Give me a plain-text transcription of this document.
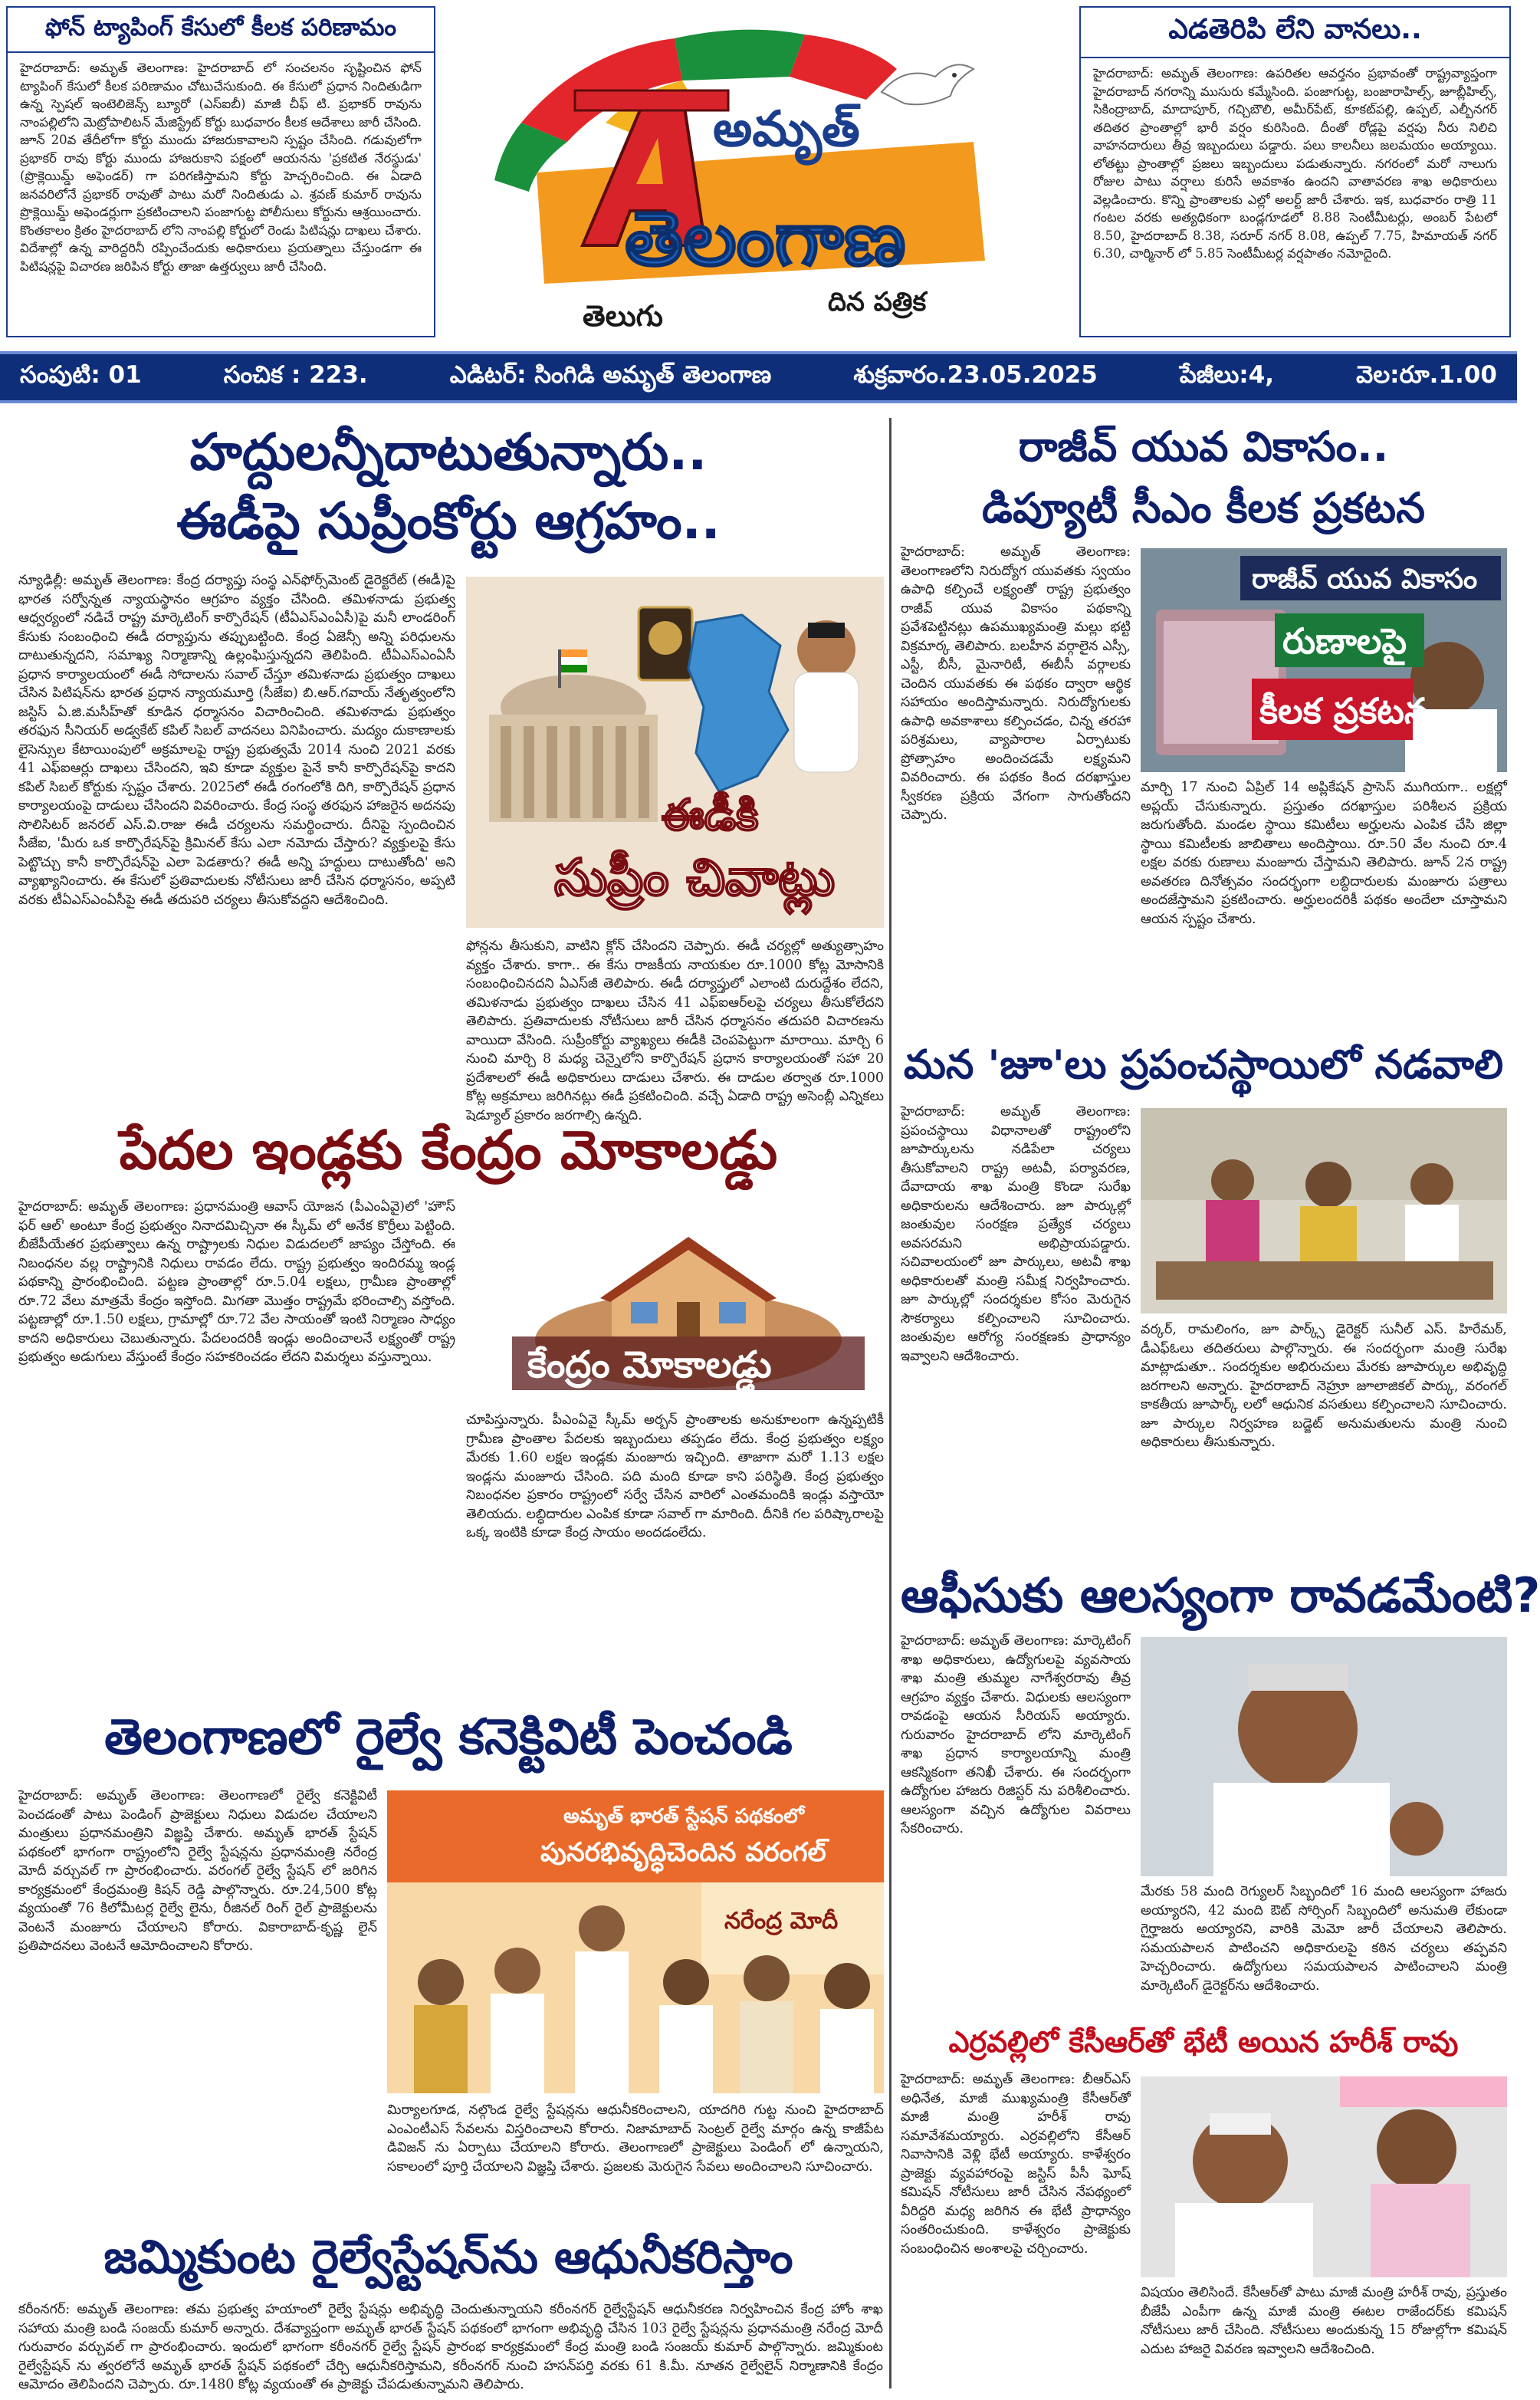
ఫోన్ ట్యాపింగ్ కేసులో కీలక పరిణామం
హైదరాబాద్: అమృత్ తెలంగాణ: హైదరాబాద్ లో సంచలనం సృష్టించిన ఫోన్ ట్యాపింగ్ కేసులో కీలక పరిణామం చోటుచేసుకుంది. ఈ కేసులో ప్రధాన నిందితుడిగా ఉన్న స్పెషల్ ఇంటెలిజెన్స్ బ్యూరో (ఎస్ఐబీ) మాజీ చీఫ్ టి. ప్రభాకర్ రావును నాంపల్లిలోని మెట్రోపాలిటన్ మేజిస్ట్రేట్ కోర్టు బుధవారం కీలక ఆదేశాలు జారీ చేసింది. జూన్ 20వ తేదీలోగా కోర్టు ముందు హాజరుకావాలని స్పష్టం చేసింది. గడువులోగా ప్రభాకర్ రావు కోర్టు ముందు హాజరుకాని పక్షంలో ఆయనను 'ప్రకటిత నేరస్థుడు' (ప్రొక్లెయిమ్డ్ అఫెండర్) గా పరిగణిస్తామని కోర్టు హెచ్చరించింది. ఈ ఏడాది జనవరిలోనే ప్రభాకర్ రావుతో పాటు మరో నిందితుడు ఎ. శ్రవణ్ కుమార్ రావును ప్రొక్లెయిమ్డ్ అఫెండర్లుగా ప్రకటించాలని పంజాగుట్ట పోలీసులు కోర్టును ఆశ్రయించారు. కొంతకాలం క్రితం హైదరాబాద్ లోని నాంపల్లి కోర్టులో రెండు పిటిషన్లు దాఖలు చేశారు. విదేశాల్లో ఉన్న వారిద్దరినీ రప్పించేందుకు అధికారులు ప్రయత్నాలు చేస్తుండగా ఈ పిటిషన్లపై విచారణ జరిపిన కోర్టు తాజా ఉత్తర్వులు జారీ చేసింది.
అమృత్
తెలంగాణ
తెలుగు	దిన పత్రిక
ఎడతెరిపి లేని వానలు..
హైదరాబాద్: అమృత్ తెలంగాణ: ఉపరితల ఆవర్తనం ప్రభావంతో రాష్ట్రవ్యాప్తంగా హైదరాబాద్ నగరాన్ని ముసురు కమ్మేసింది. పంజాగుట్ట, బంజారాహిల్స్, జూబ్లీహిల్స్, సికింద్రాబాద్, మాదాపూర్, గచ్చిబౌలి, అమీర్‌పేట్, కూకట్‌పల్లి, ఉప్పల్, ఎల్బీనగర్ తదితర ప్రాంతాల్లో భారీ వర్షం కురిసింది. దీంతో రోడ్లపై వర్షపు నీరు నిలిచి వాహనదారులు తీవ్ర ఇబ్బందులు పడ్డారు. పలు కాలనీలు జలమయం అయ్యాయి. లోతట్టు ప్రాంతాల్లో ప్రజలు ఇబ్బందులు పడుతున్నారు. నగరంలో మరో నాలుగు రోజుల పాటు వర్షాలు కురిసే అవకాశం ఉందని వాతావరణ శాఖ అధికారులు వెల్లడించారు. కొన్ని ప్రాంతాలకు ఎల్లో అలర్ట్ జారీ చేశారు. ఇక, బుధవారం రాత్రి 11 గంటల వరకు అత్యధికంగా బండ్లగూడలో 8.88 సెంటీమీటర్లు, అంబర్ పేటలో 8.50, హైదరాబాద్ 8.38, సరూర్ నగర్ 8.08, ఉప్పల్ 7.75, హిమాయత్ నగర్ 6.30, చార్మినార్ లో 5.85 సెంటీమీటర్ల వర్షపాతం నమోదైంది.
సంపుటి: 01	సంచిక : 223.	ఎడిటర్: సింగిడి అమృత్ తెలంగాణ	శుక్రవారం.23.05.2025	పేజీలు:4,	వెల:రూ.1.00
హద్దులన్నీదాటుతున్నారు..
ఈడీపై సుప్రీంకోర్టు ఆగ్రహం..
న్యూఢిల్లీ: అమృత్ తెలంగాణ: కేంద్ర దర్యాప్తు సంస్థ ఎన్‌ఫోర్స్‌మెంట్ డైరెక్టరేట్ (ఈడీ)పై భారత సర్వోన్నత న్యాయస్థానం ఆగ్రహం వ్యక్తం చేసింది. తమిళనాడు ప్రభుత్వ ఆధ్వర్యంలో నడిచే రాష్ట్ర మార్కెటింగ్ కార్పొరేషన్ (టీఏఎస్ఎంఏసీ)పై మనీ లాండరింగ్ కేసుకు సంబంధించి ఈడీ దర్యాప్తును తప్పుబట్టింది. కేంద్ర ఏజెన్సీ అన్ని పరిధులను దాటుతున్నదని, సమాఖ్య నిర్మాణాన్ని ఉల్లంఘిస్తున్నదని తెలిపింది. టీఏఎస్ఎంఏసీ ప్రధాన కార్యాలయంలో ఈడీ సోదాలను సవాల్ చేస్తూ తమిళనాడు ప్రభుత్వం దాఖలు చేసిన పిటిషన్‌ను భారత ప్రధాన న్యాయమూర్తి (సీజేఐ) బి.ఆర్.గవాయ్ నేతృత్వంలోని జస్టిస్ ఏ.జి.మసీహ్‌తో కూడిన ధర్మాసనం విచారించింది. తమిళనాడు ప్రభుత్వం తరఫున సీనియర్ అడ్వకేట్ కపిల్ సిబల్ వాదనలు వినిపించారు. మద్యం దుకాణాలకు లైసెన్సుల కేటాయింపులో అక్రమాలపై రాష్ట్ర ప్రభుత్వమే 2014 నుంచి 2021 వరకు 41 ఎఫ్ఐఆర్లు దాఖలు చేసిందని, ఇవి కూడా వ్యక్తుల పైనే కానీ కార్పొరేషన్‌పై కాదని కపిల్ సిబల్ కోర్టుకు స్పష్టం చేశారు. 2025లో ఈడీ రంగంలోకి దిగి, కార్పొరేషన్ ప్రధాన కార్యాలయంపై దాడులు చేసిందని వివరించారు. కేంద్ర సంస్థ తరఫున హాజరైన అదనపు సొలిసిటర్ జనరల్ ఎస్.వి.రాజు ఈడీ చర్యలను సమర్థించారు. దీనిపై స్పందించిన సీజేఐ, 'మీరు ఒక కార్పొరేషన్‌పై క్రిమినల్ కేసు ఎలా నమోదు చేస్తారు? వ్యక్తులపై కేసు పెట్టొచ్చు కానీ కార్పొరేషన్‌పై ఎలా పెడతారు? ఈడీ అన్ని హద్దులు దాటుతోంది' అని వ్యాఖ్యానించారు. ఈ కేసులో ప్రతివాదులకు నోటీసులు జారీ చేసిన ధర్మాసనం, అప్పటి వరకు టీఏఎస్ఎంఏసీపై ఈడీ తదుపరి చర్యలు తీసుకోవద్దని ఆదేశించింది.
ఈడీకి
సుప్రీం చివాట్లు
ఫోన్లను తీసుకుని, వాటిని క్లోన్ చేసిందని చెప్పారు. ఈడీ చర్యల్లో అత్యుత్సాహం వ్యక్తం చేశారు. కాగా.. ఈ కేసు రాజకీయ నాయకుల రూ.1000 కోట్ల మోసానికి సంబంధించినదని ఏఎస్‌జీ తెలిపారు. ఈడీ దర్యాప్తులో ఎలాంటి దురుద్దేశం లేదని, తమిళనాడు ప్రభుత్వం దాఖలు చేసిన 41 ఎఫ్ఐఆర్‌లపై చర్యలు తీసుకోలేదని తెలిపారు. ప్రతివాదులకు నోటీసులు జారీ చేసిన ధర్మాసనం తదుపరి విచారణను వాయిదా వేసింది. సుప్రీంకోర్టు వ్యాఖ్యలు ఈడీకి చెంపపెట్టుగా మారాయి. మార్చి 6 నుంచి మార్చి 8 మధ్య చెన్నైలోని కార్పొరేషన్ ప్రధాన కార్యాలయంతో సహా 20 ప్రదేశాలలో ఈడీ అధికారులు దాడులు చేశారు. ఈ దాడుల తర్వాత రూ.1000 కోట్ల అక్రమాలు జరిగినట్లు ఈడీ ప్రకటించింది. వచ్చే ఏడాది రాష్ట్ర అసెంబ్లీ ఎన్నికలు షెడ్యూల్ ప్రకారం జరగాల్సి ఉన్నది.
పేదల ఇండ్లకు కేంద్రం మోకాలడ్డు
హైదరాబాద్: అమృత్ తెలంగాణ: ప్రధానమంత్రి ఆవాస్ యోజన (పీఎంఏవై)లో 'హౌస్ ఫర్ ఆల్' అంటూ కేంద్ర ప్రభుత్వం నినాదమిచ్చినా ఈ స్కీమ్ లో అనేక కొర్రీలు పెట్టింది. బీజేపీయేతర ప్రభుత్వాలు ఉన్న రాష్ట్రాలకు నిధుల విడుదలలో జాప్యం చేస్తోంది. ఈ నిబంధనల వల్ల రాష్ట్రానికి నిధులు రావడం లేదు. రాష్ట్ర ప్రభుత్వం ఇందిరమ్మ ఇండ్ల పథకాన్ని ప్రారంభించింది. పట్టణ ప్రాంతాల్లో రూ.5.04 లక్షలు, గ్రామీణ ప్రాంతాల్లో రూ.72 వేలు మాత్రమే కేంద్రం ఇస్తోంది. మిగతా మొత్తం రాష్ట్రమే భరించాల్సి వస్తోంది. పట్టణాల్లో రూ.1.50 లక్షలు, గ్రామాల్లో రూ.72 వేల సాయంతో ఇంటి నిర్మాణం సాధ్యం కాదని అధికారులు చెబుతున్నారు. పేదలందరికీ ఇండ్లు అందించాలనే లక్ష్యంతో రాష్ట్ర ప్రభుత్వం అడుగులు వేస్తుంటే కేంద్రం సహకరించడం లేదని విమర్శలు వస్తున్నాయి.	కేంద్రం మోకాలడ్డు
చూపిస్తున్నారు. పీఎంఏవై స్కీమ్ అర్బన్ ప్రాంతాలకు అనుకూలంగా ఉన్నప్పటికీ గ్రామీణ ప్రాంతాల పేదలకు ఇబ్బందులు తప్పడం లేదు. కేంద్ర ప్రభుత్వం లక్ష్యం మేరకు 1.60 లక్షల ఇండ్లకు మంజూరు ఇచ్చింది. తాజాగా మరో 1.13 లక్షల ఇండ్లను మంజూరు చేసింది. పది మంది కూడా కాని పరిస్థితి. కేంద్ర ప్రభుత్వం నిబంధనల ప్రకారం రాష్ట్రంలో సర్వే చేసిన వారిలో ఎంతమందికి ఇండ్లు వస్తాయో తెలియదు. లబ్ధిదారుల ఎంపిక కూడా సవాల్ గా మారింది. దీనికి గల పరిష్కారాలపై ఒక్క ఇంటికి కూడా కేంద్ర సాయం అందడంలేదు.
తెలంగాణలో రైల్వే కనెక్టివిటీ పెంచండి
హైదరాబాద్: అమృత్ తెలంగాణ: తెలంగాణలో రైల్వే కనెక్టివిటీ పెంచడంతో పాటు పెండింగ్ ప్రాజెక్టులు నిధులు విడుదల చేయాలని మంత్రులు ప్రధానమంత్రిని విజ్ఞప్తి చేశారు. అమృత్ భారత్ స్టేషన్ పథకంలో భాగంగా రాష్ట్రంలోని రైల్వే స్టేషన్లను ప్రధానమంత్రి నరేంద్ర మోదీ వర్చువల్ గా ప్రారంభించారు. వరంగల్ రైల్వే స్టేషన్ లో జరిగిన కార్యక్రమంలో కేంద్రమంత్రి కిషన్ రెడ్డి పాల్గొన్నారు. రూ.24,500 కోట్ల వ్యయంతో 76 కిలోమీటర్ల రైల్వే లైను, రీజినల్ రింగ్ రైల్ ప్రాజెక్టులను వెంటనే మంజూరు చేయాలని కోరారు. వికారాబాద్-కృష్ణ లైన్ ప్రతిపాదనలు వెంటనే ఆమోదించాలని కోరారు.
అమృత్ భారత్ స్టేషన్ పథకంలో
పునరభివృద్ధిచెందిన వరంగల్
నరేంద్ర మోదీ
మిర్యాలగూడ, నల్గొండ రైల్వే స్టేషన్లను ఆధునీకరించాలని, యాదగిరి గుట్ట నుంచి హైదరాబాద్ ఎంఎంటీఎస్ సేవలను విస్తరించాలని కోరారు. నిజామాబాద్ సెంట్రల్ రైల్వే మార్గం ఉన్న కాజీపేట డివిజన్ ను ఏర్పాటు చేయాలని కోరారు. తెలంగాణలో ప్రాజెక్టులు పెండింగ్ లో ఉన్నాయని, సకాలంలో పూర్తి చేయాలని విజ్ఞప్తి చేశారు. ప్రజలకు మెరుగైన సేవలు అందించాలని సూచించారు.
జమ్మికుంట రైల్వేస్టేషన్‌ను ఆధునీకరిస్తాం
కరీంనగర్: అమృత్ తెలంగాణ: తమ ప్రభుత్వ హయాంలో రైల్వే స్టేషన్లు అభివృద్ధి చెందుతున్నాయని కరీంనగర్ రైల్వేస్టేషన్ ఆధునీకరణ నిర్వహించిన కేంద్ర హోం శాఖ సహాయ మంత్రి బండి సంజయ్ కుమార్ అన్నారు. దేశవ్యాప్తంగా అమృత్ భారత్ స్టేషన్ పథకంలో భాగంగా అభివృద్ధి చేసిన 103 రైల్వే స్టేషన్లను ప్రధానమంత్రి నరేంద్ర మోదీ గురువారం వర్చువల్ గా ప్రారంభించారు. ఇందులో భాగంగా కరీంనగర్ రైల్వే స్టేషన్ ప్రారంభ కార్యక్రమంలో కేంద్ర మంత్రి బండి సంజయ్ కుమార్ పాల్గొన్నారు. జమ్మికుంట రైల్వేస్టేషన్ ను త్వరలోనే అమృత్ భారత్ స్టేషన్ పథకంలో చేర్చి ఆధునీకరిస్తామని, కరీంనగర్ నుంచి హసన్‌పర్తి వరకు 61 కి.మీ. నూతన రైల్వేలైన్ నిర్మాణానికి కేంద్రం ఆమోదం తెలిపిందని చెప్పారు. రూ.1480 కోట్ల వ్యయంతో ఈ ప్రాజెక్టు చేపడుతున్నామని తెలిపారు.
రాజీవ్ యువ వికాసం..
డిప్యూటీ సీఎం కీలక ప్రకటన
హైదరాబాద్: అమృత్ తెలంగాణ: తెలంగాణలోని నిరుద్యోగ యువతకు స్వయం ఉపాధి కల్పించే లక్ష్యంతో రాష్ట్ర ప్రభుత్వం రాజీవ్ యువ వికాసం పథకాన్ని ప్రవేశపెట్టినట్లు ఉపముఖ్యమంత్రి మల్లు భట్టి విక్రమార్క తెలిపారు. బలహీన వర్గాలైన ఎస్సీ, ఎస్టీ, బీసీ, మైనారిటీ, ఈబీసీ వర్గాలకు చెందిన యువతకు ఈ పథకం ద్వారా ఆర్థిక సహాయం అందిస్తామన్నారు. నిరుద్యోగులకు ఉపాధి అవకాశాలు కల్పించడం, చిన్న తరహా పరిశ్రమలు, వ్యాపారాల ఏర్పాటుకు ప్రోత్సాహం అందించడమే లక్ష్యమని వివరించారు. ఈ పథకం కింద దరఖాస్తుల స్వీకరణ ప్రక్రియ వేగంగా సాగుతోందని చెప్పారు.
రాజీవ్ యువ వికాసం
రుణాలపై
కీలక ప్రకటన
మార్చి 17 నుంచి ఏప్రిల్ 14 అప్లికేషన్ ప్రాసెస్ ముగియగా.. లక్షల్లో అప్లయ్ చేసుకున్నారు. ప్రస్తుతం దరఖాస్తుల పరిశీలన ప్రక్రియ జరుగుతోంది. మండల స్థాయి కమిటీలు అర్హులను ఎంపిక చేసి జిల్లా స్థాయి కమిటీలకు జాబితాలు అందిస్తాయి. రూ.50 వేల నుంచి రూ.4 లక్షల వరకు రుణాలు మంజూరు చేస్తామని తెలిపారు. జూన్ 2న రాష్ట్ర అవతరణ దినోత్సవం సందర్భంగా లబ్ధిదారులకు మంజూరు పత్రాలు అందజేస్తామని ప్రకటించారు. అర్హులందరికీ పథకం అందేలా చూస్తామని ఆయన స్పష్టం చేశారు.
మన 'జూ'లు ప్రపంచస్థాయిలో నడవాలి
హైదరాబాద్: అమృత్ తెలంగాణ: ప్రపంచస్థాయి విధానాలతో రాష్ట్రంలోని జూపార్కులను నడిపేలా చర్యలు తీసుకోవాలని రాష్ట్ర అటవీ, పర్యావరణ, దేవాదాయ శాఖ మంత్రి కొండా సురేఖ అధికారులను ఆదేశించారు. జూ పార్కుల్లో జంతువుల సంరక్షణ ప్రత్యేక చర్యలు అవసరమని అభిప్రాయపడ్డారు. సచివాలయంలో జూ పార్కులు, అటవీ శాఖ అధికారులతో మంత్రి సమీక్ష నిర్వహించారు. జూ పార్కుల్లో సందర్శకుల కోసం మెరుగైన సౌకర్యాలు కల్పించాలని సూచించారు. జంతువుల ఆరోగ్య సంరక్షణకు ప్రాధాన్యం ఇవ్వాలని ఆదేశించారు.
వర్కర్, రామలింగం, జూ పార్క్స్ డైరెక్టర్ సునీల్ ఎస్. హిరేమఠ్, డీఎఫ్‌ఓలు తదితరులు పాల్గొన్నారు. ఈ సందర్భంగా మంత్రి సురేఖ మాట్లాడుతూ.. సందర్శకుల అభిరుచులు మేరకు జూపార్కుల అభివృద్ధి జరగాలని అన్నారు. హైదరాబాద్ నెహ్రూ జూలాజికల్ పార్కు, వరంగల్ కాకతీయ జూపార్క్ లలో ఆధునిక వసతులు కల్పించాలని సూచించారు. జూ పార్కుల నిర్వహణ బడ్జెట్ అనుమతులను మంత్రి నుంచి అధికారులు తీసుకున్నారు.
ఆఫీసుకు ఆలస్యంగా రావడమేంటి?
హైదరాబాద్: అమృత్ తెలంగాణ: మార్కెటింగ్ శాఖ అధికారులు, ఉద్యోగులపై వ్యవసాయ శాఖ మంత్రి తుమ్మల నాగేశ్వరరావు తీవ్ర ఆగ్రహం వ్యక్తం చేశారు. విధులకు ఆలస్యంగా రావడంపై ఆయన సీరియస్ అయ్యారు. గురువారం హైదరాబాద్ లోని మార్కెటింగ్ శాఖ ప్రధాన కార్యాలయాన్ని మంత్రి ఆకస్మికంగా తనిఖీ చేశారు. ఈ సందర్భంగా ఉద్యోగుల హాజరు రిజిస్టర్ ను పరిశీలించారు. ఆలస్యంగా వచ్చిన ఉద్యోగుల వివరాలు సేకరించారు.
మేరకు 58 మంది రెగ్యులర్ సిబ్బందిలో 16 మంది ఆలస్యంగా హాజరు అయ్యారని, 42 మంది ఔట్ సోర్సింగ్ సిబ్బందిలో అనుమతి లేకుండా గైర్హాజరు అయ్యారని, వారికి మెమో జారీ చేయాలని తెలిపారు. సమయపాలన పాటించని అధికారులపై కఠిన చర్యలు తప్పవని హెచ్చరించారు. ఉద్యోగులు సమయపాలన పాటించాలని మంత్రి మార్కెటింగ్ డైరెక్టర్‌ను ఆదేశించారు.
ఎర్రవల్లిలో కేసీఆర్‌తో భేటీ అయిన హరీశ్ రావు
హైదరాబాద్: అమృత్ తెలంగాణ: బీఆర్ఎస్ అధినేత, మాజీ ముఖ్యమంత్రి కేసీఆర్‌తో మాజీ మంత్రి హరీశ్ రావు సమావేశమయ్యారు. ఎర్రవల్లిలోని కేసీఆర్ నివాసానికి వెళ్లి భేటీ అయ్యారు. కాళేశ్వరం ప్రాజెక్టు వ్యవహారంపై జస్టిస్ పీసీ ఘోష్ కమిషన్ నోటీసులు జారీ చేసిన నేపథ్యంలో వీరిద్దరి మధ్య జరిగిన ఈ భేటీ ప్రాధాన్యం సంతరించుకుంది. కాళేశ్వరం ప్రాజెక్టుకు సంబంధించిన అంశాలపై చర్చించారు.
విషయం తెలిసిందే. కేసీఆర్‌తో పాటు మాజీ మంత్రి హరీశ్ రావు, ప్రస్తుతం బీజేపీ ఎంపీగా ఉన్న మాజీ మంత్రి ఈటల రాజేందర్‌కు కమిషన్ నోటీసులు జారీ చేసింది. నోటీసులు అందుకున్న 15 రోజుల్లోగా కమిషన్ ఎదుట హాజరై వివరణ ఇవ్వాలని ఆదేశించింది.
